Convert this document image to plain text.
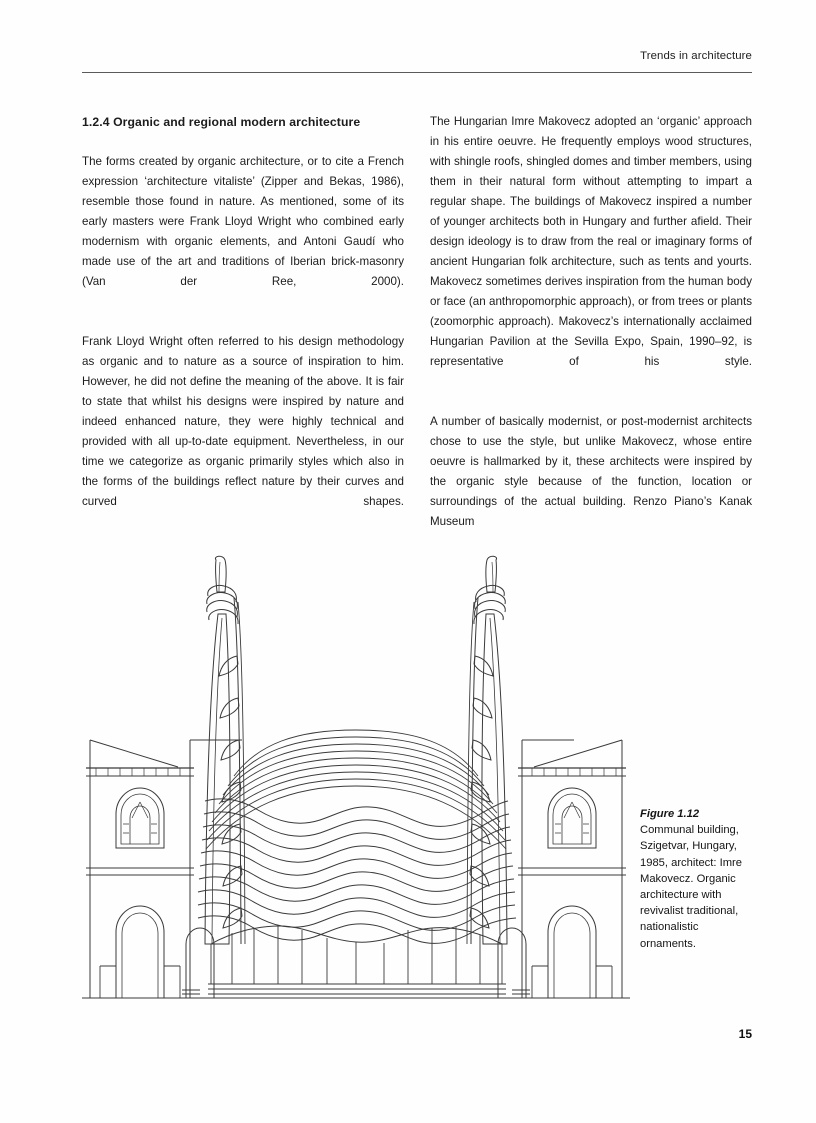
Trends in architecture
1.2.4 Organic and regional modern architecture

The forms created by organic architecture, or to cite a French expression ‘architecture vitaliste’ (Zipper and Bekas, 1986), resemble those found in nature. As mentioned, some of its early masters were Frank Lloyd Wright who combined early modernism with organic elements, and Antoni Gaudí who made use of the art and traditions of Iberian brick-masonry (Van der Ree, 2000).

Frank Lloyd Wright often referred to his design methodology as organic and to nature as a source of inspiration to him. However, he did not define the meaning of the above. It is fair to state that whilst his designs were inspired by nature and indeed enhanced nature, they were highly technical and provided with all up-to-date equipment. Nevertheless, in our time we categorize as organic primarily styles which also in the forms of the buildings reflect nature by their curves and curved shapes.

The Hungarian Imre Makovecz adopted an ‘organic’ approach in his entire oeuvre. He frequently employs wood structures, with shingle roofs, shingled domes and timber members, using them in their natural form without attempting to impart a regular shape. The buildings of Makovecz inspired a number of younger architects both in Hungary and further afield. Their design ideology is to draw from the real or imaginary forms of ancient Hungarian folk architecture, such as tents and yourts. Makovecz sometimes derives inspiration from the human body or face (an anthropomorphic approach), or from trees or plants (zoomorphic approach). Makovecz’s internationally acclaimed Hungarian Pavilion at the Sevilla Expo, Spain, 1990–92, is representative of his style.

A number of basically modernist, or post-modernist architects chose to use the style, but unlike Makovecz, whose entire oeuvre is hallmarked by it, these architects were inspired by the organic style because of the function, location or surroundings of the actual building. Renzo Piano’s Kanak Museum

Figure 1.12
Communal building, Szigetvar, Hungary, 1985, architect: Imre Makovecz. Organic architecture with revivalist traditional, nationalistic ornaments.
15
